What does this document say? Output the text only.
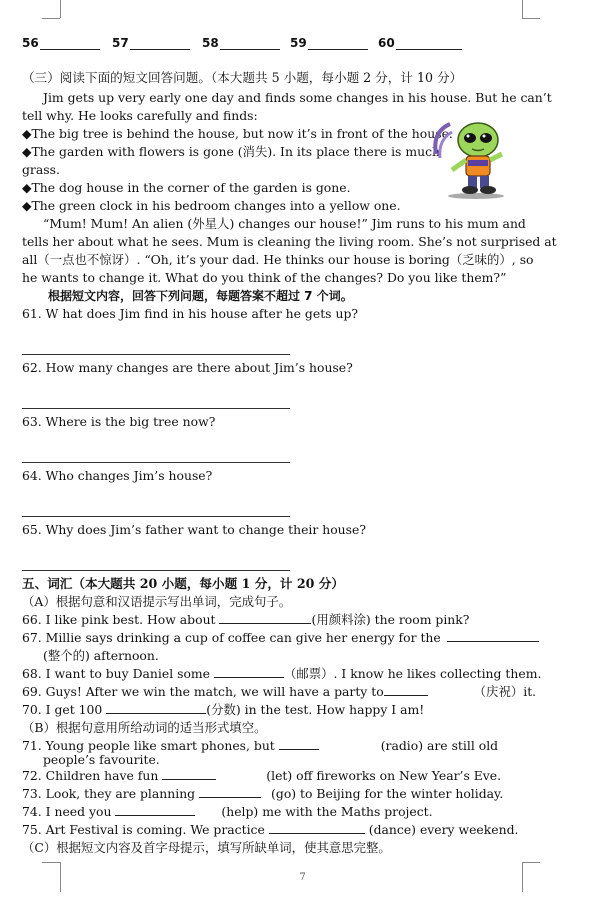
56	57	58	59	60
（三）阅读下面的短文回答问题。（本大题共 5 小题，每小题 2 分，计 10 分）
Jim gets up very early one day and finds some changes in his house. But he can’t
tell why. He looks carefully and finds:
◆The big tree is behind the house, but now it’s in front of the house.
◆The garden with flowers is gone (消失). In its place there is much
grass.
◆The dog house in the corner of the garden is gone.
◆The green clock in his bedroom changes into a yellow one.
“Mum! Mum! An alien (外星人) changes our house!” Jim runs to his mum and
tells her about what he sees. Mum is cleaning the living room. She’s not surprised at
all（一点也不惊讶）. “Oh, it’s your dad. He thinks our house is boring（乏味的）, so
he wants to change it. What do you think of the changes? Do you like them?”
根据短文内容，回答下列问题，每题答案不超过 7 个词。
61. W hat does Jim find in his house after he gets up?
62. How many changes are there about Jim’s house?
63. Where is the big tree now?
64. Who changes Jim’s house?
65. Why does Jim’s father want to change their house?
五、词汇（本大题共 20 小题，每小题 1 分，计 20 分）
（A）根据句意和汉语提示写出单词，完成句子。
66. I like pink best. How about	(用颜料涂) the room pink?
67. Millie says drinking a cup of coffee can give her energy for the
(整个的) afternoon.
68. I want to buy Daniel some	（邮票）. I know he likes collecting them.
69. Guys! After we win the match, we will have a party to	（庆祝）it.
70. I get 100	(分数) in the test. How happy I am!
（B）根据句意用所给动词的适当形式填空。
71. Young people like smart phones, but	(radio) are still old
people’s favourite.
72. Children have fun	(let) off fireworks on New Year’s Eve.
73. Look, they are planning	(go) to Beijing for the winter holiday.
74. I need you	(help) me with the Maths project.
75. Art Festival is coming. We practice	(dance) every weekend.
（C）根据短文内容及首字母提示，填写所缺单词，使其意思完整。
7
